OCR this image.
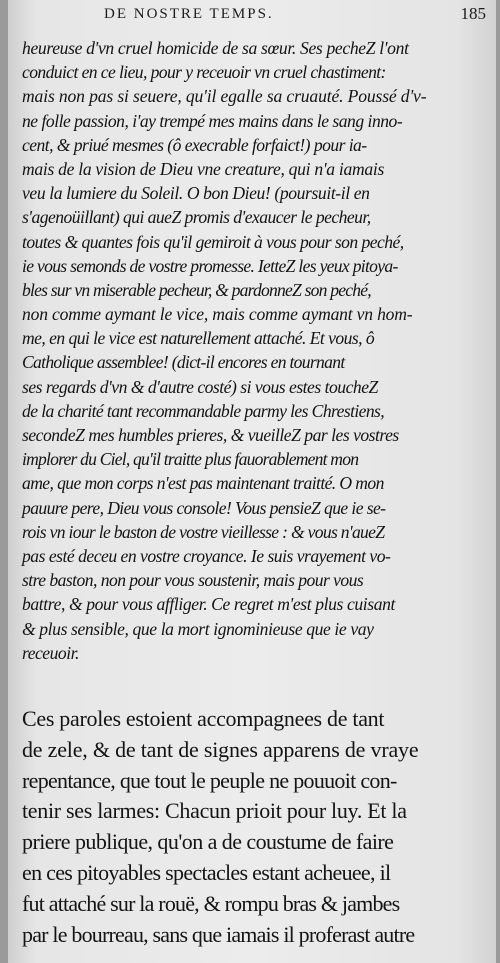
DE NOSTRE TEMPS.	185
heureuse d'vn cruel homicide de sa sœur. Ses pecheZ l'ont
conduict en ce lieu, pour y receuoir vn cruel chastiment:
mais non pas si seuere, qu'il egalle sa cruauté. Poussé d'v-
ne folle passion, i'ay trempé mes mains dans le sang inno-
cent, & priué mesmes (ô execrable forfaict!) pour ia-
mais de la vision de Dieu vne creature, qui n'a iamais
veu la lumiere du Soleil. O bon Dieu! (poursuit-il en
s'agenoüillant) qui aueZ promis d'exaucer le pecheur,
toutes & quantes fois qu'il gemiroit à vous pour son peché,
ie vous semonds de vostre promesse. IetteZ les yeux pitoya-
bles sur vn miserable pecheur, & pardonneZ son peché,
non comme aymant le vice, mais comme aymant vn hom-
me, en qui le vice est naturellement attaché. Et vous, ô
Catholique assemblee! (dict-il encores en tournant
ses regards d'vn & d'autre costé) si vous estes toucheZ
de la charité tant recommandable parmy les Chrestiens,
secondeZ mes humbles prieres, & vueilleZ par les vostres
implorer du Ciel, qu'il traitte plus fauorablement mon
ame, que mon corps n'est pas maintenant traitté. O mon
pauure pere, Dieu vous console! Vous pensieZ que ie se-
rois vn iour le baston de vostre vieillesse : & vous n'aueZ
pas esté deceu en vostre croyance. Ie suis vrayement vo-
stre baston, non pour vous soustenir, mais pour vous
battre, & pour vous affliger. Ce regret m'est plus cuisant
& plus sensible, que la mort ignominieuse que ie vay
receuoir.
Ces paroles estoient accompagnees de tant
de zele, & de tant de signes apparens de vraye
repentance, que tout le peuple ne pouuoit con-
tenir ses larmes: Chacun prioit pour luy. Et la
priere publique, qu'on a de coustume de faire
en ces pitoyables spectacles estant acheuee, il
fut attaché sur la rouë, & rompu bras & jambes
par le bourreau, sans que iamais il proferast autre
